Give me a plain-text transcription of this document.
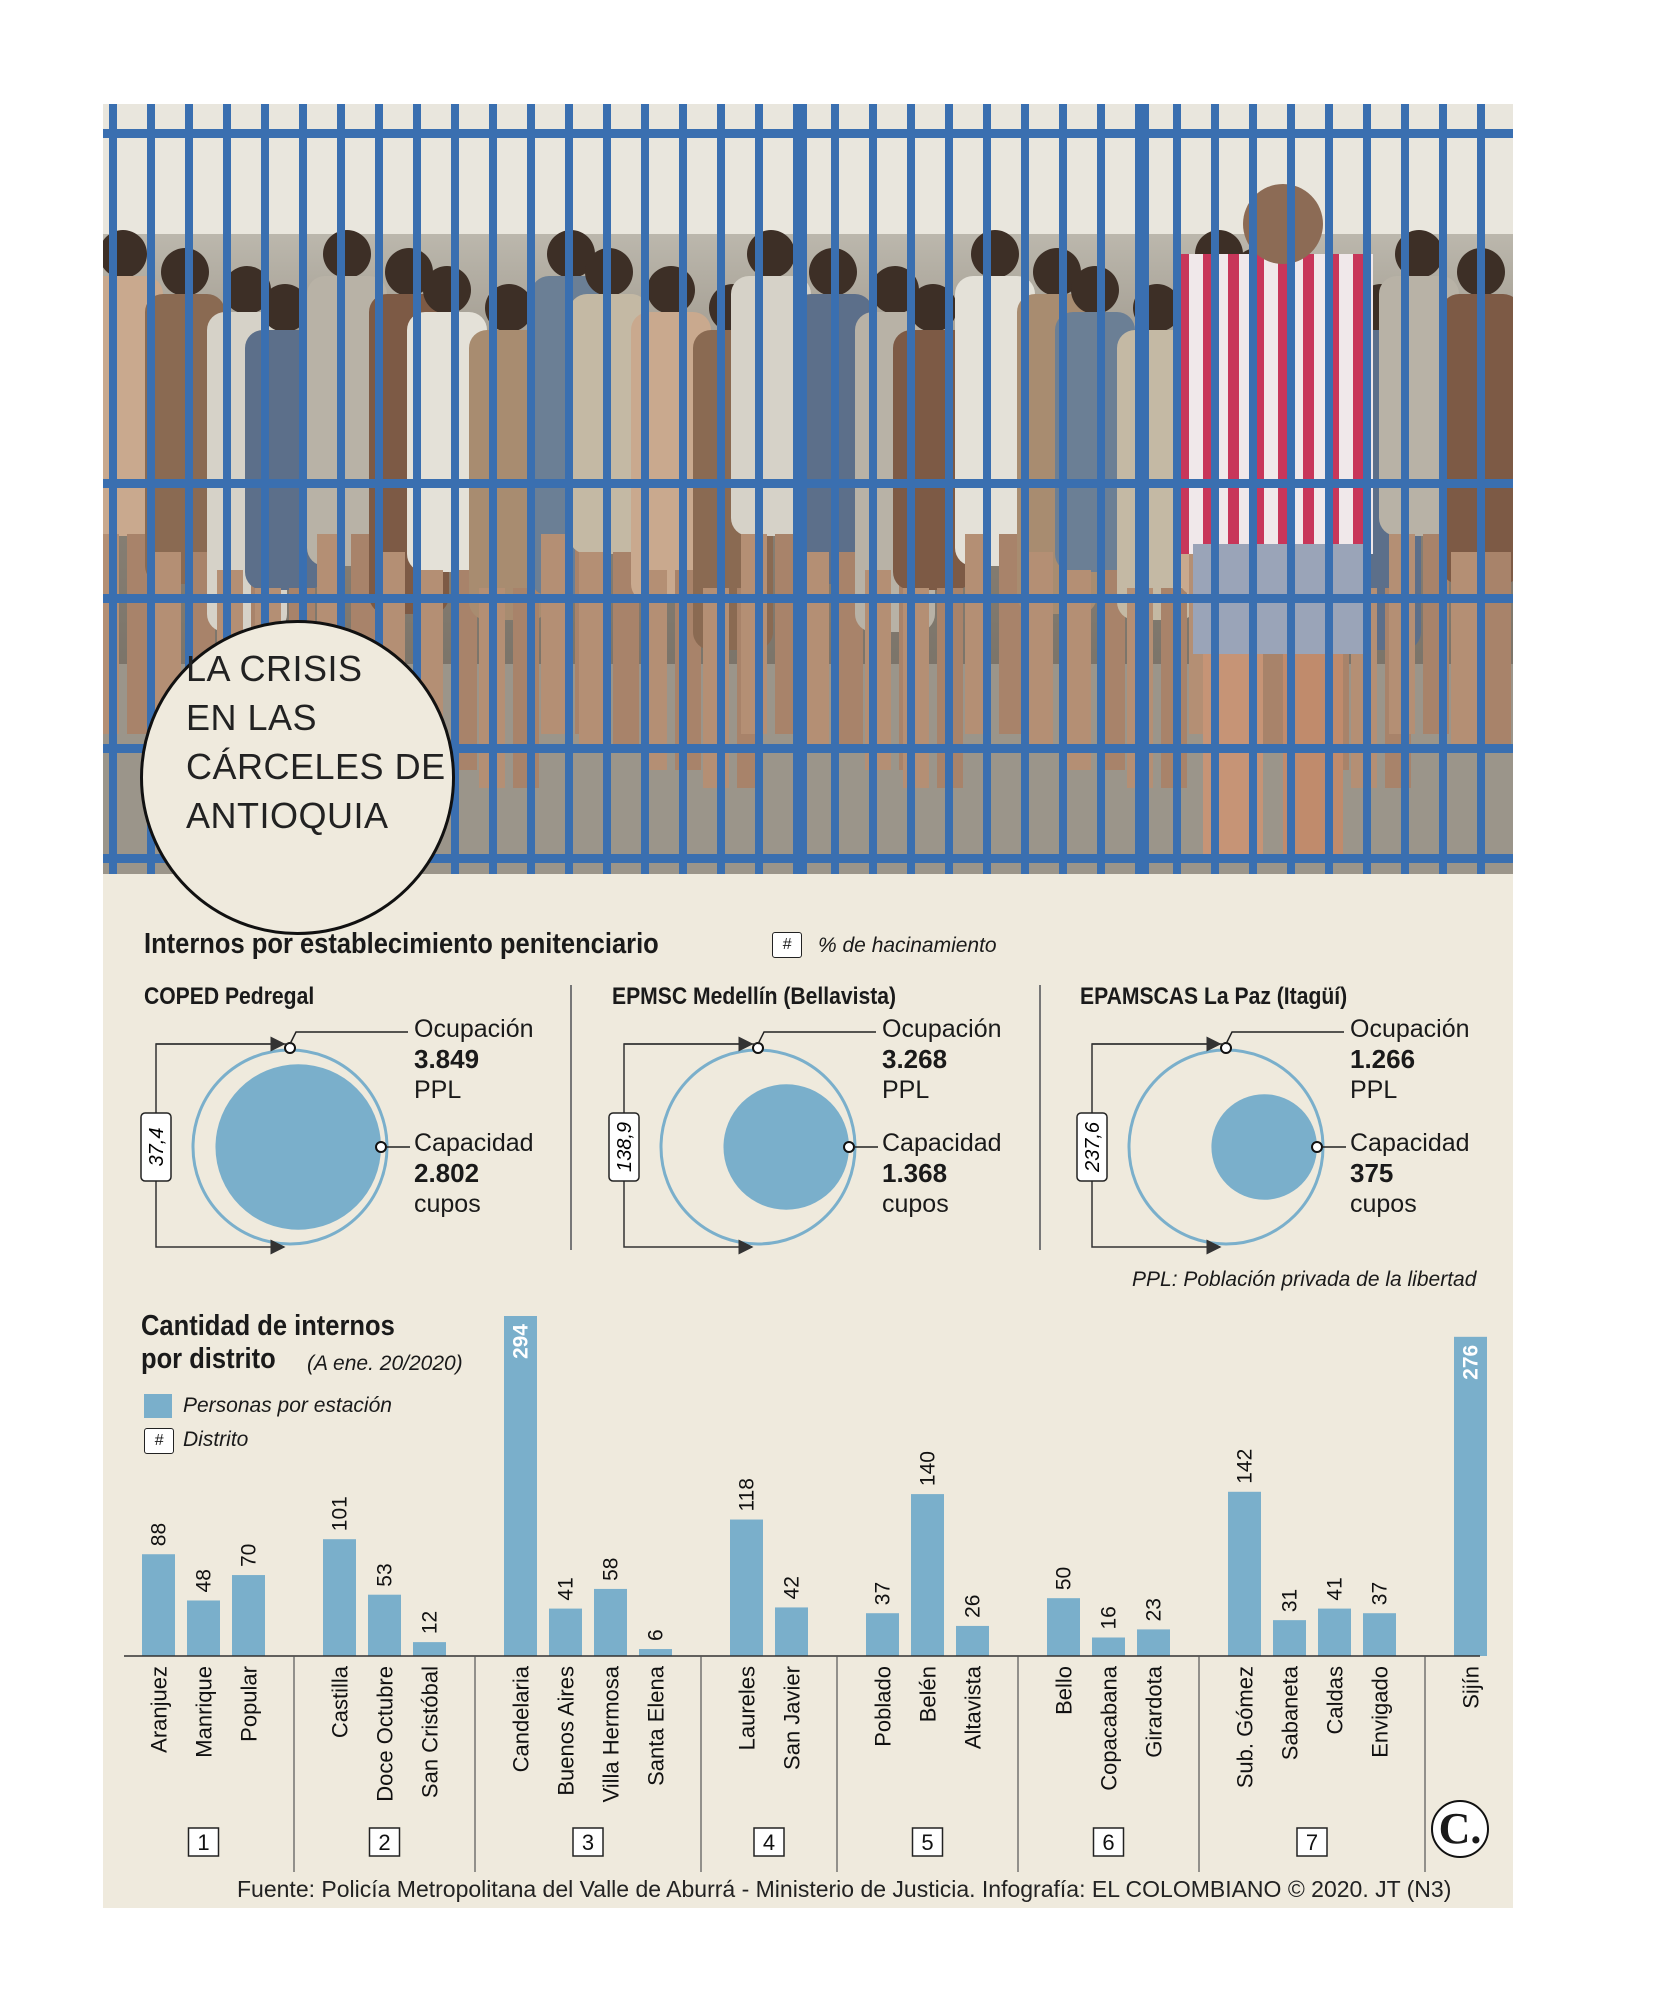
LA CRISIS
EN LAS
CÁRCELES DE
ANTIOQUIA
Internos por establecimiento penitenciario	#	% de hacinamiento
COPED Pedregal	EPMSC Medellín (Bellavista)	EPAMSCAS La Paz (Itagüí)
37,4	138,9	237,6
Ocupación
3.849
PPL
Capacidad
2.802
cupos
Ocupación
3.268
PPL
Capacidad
1.368
cupos
Ocupación
1.266
PPL
Capacidad
375
cupos
PPL: Población privada de la libertad
Cantidad de internos
por distrito (A ene. 20/2020)
Personas por estación
# Distrito
88
Aranjuez
48
Manrique
70
Popular
1
101
Castilla
53
Doce Octubre
12
San Cristóbal
2
294
Candelaria
41
Buenos Aires
58
Villa Hermosa
6
Santa Elena
3
118
Laureles
42
San Javier
4
37
Poblado
140
Belén
26
Altavista
5
50
Bello
16
Copacabana
23
Girardota
6
142
Sub. Gómez
31
Sabaneta
41
Caldas
37
Envigado
7
276
Sijín
C.
Fuente: Policía Metropolitana del Valle de Aburrá - Ministerio de Justicia. Infografía: EL COLOMBIANO © 2020. JT (N3)
